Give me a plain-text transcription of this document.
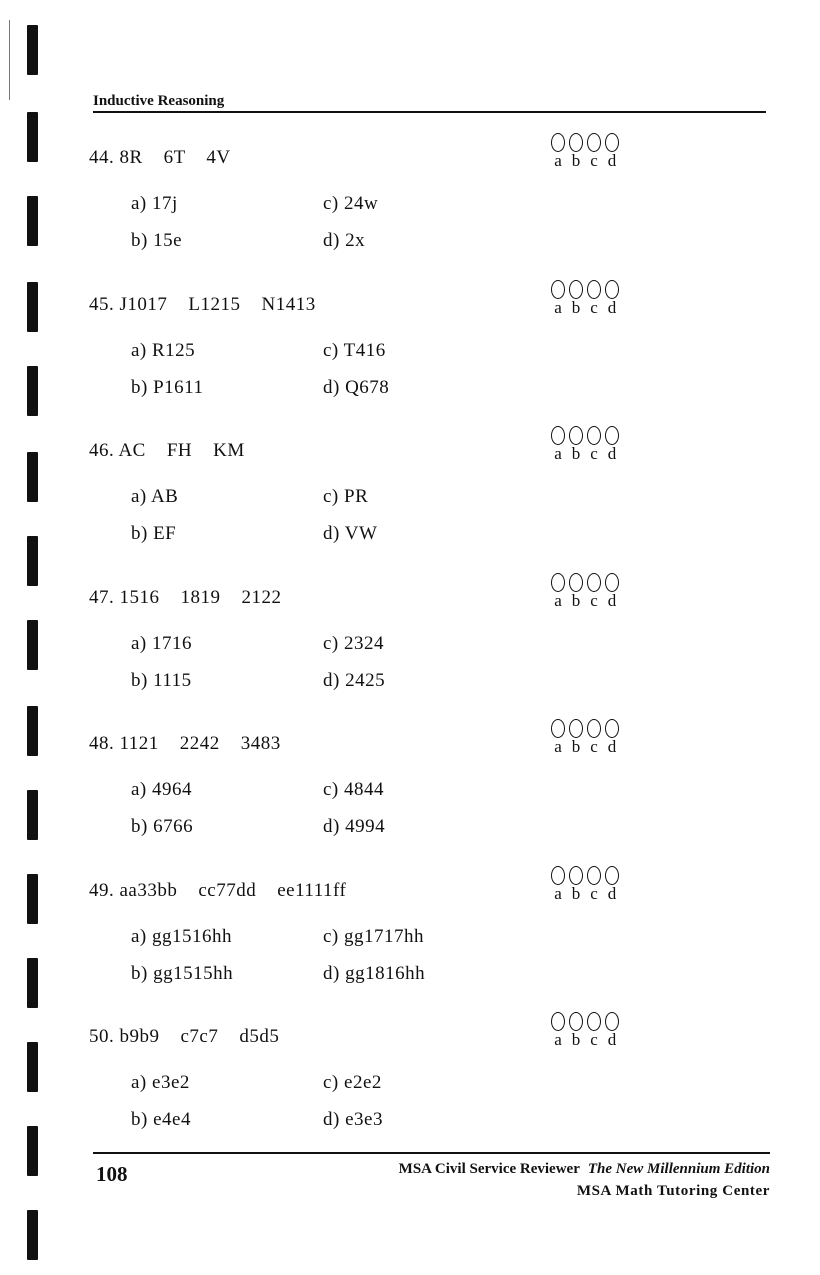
Inductive Reasoning
44. 8R    6T    4V
a) 17j	c) 24w
b) 15e	d) 2x
a b c d
45. J1017    L1215    N1413
a) R125	c) T416
b) P1611	d) Q678
a b c d
46. AC    FH    KM
a) AB	c) PR
b) EF	d) VW
a b c d
47. 1516    1819    2122
a) 1716	c) 2324
b) 1115	d) 2425
a b c d
48. 1121    2242    3483
a) 4964	c) 4844
b) 6766	d) 4994
a b c d
49. aa33bb    cc77dd    ee1111ff
a) gg1516hh	c) gg1717hh
b) gg1515hh	d) gg1816hh
a b c d
50. b9b9    c7c7    d5d5
a) e3e2	c) e2e2
b) e4e4	d) e3e3
a b c d
108	MSA Civil Service Reviewer The New Millennium Edition
MSA Math Tutoring Center
